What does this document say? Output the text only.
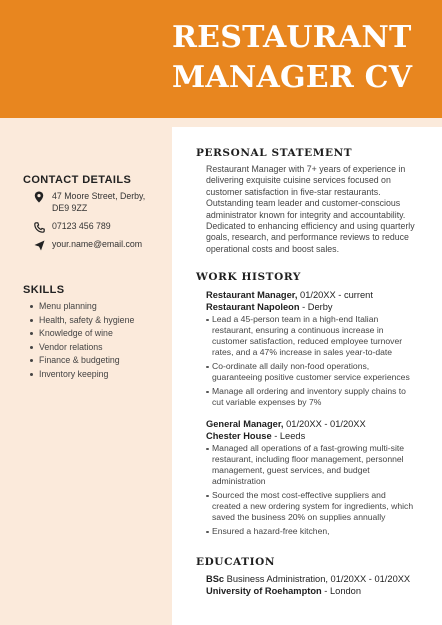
RESTAURANT MANAGER CV
CONTACT DETAILS
47 Moore Street, Derby, DE9 9ZZ
07123 456 789
your.name@email.com
SKILLS
Menu planning
Health, safety & hygiene
Knowledge of wine
Vendor relations
Finance & budgeting
Inventory keeping
PERSONAL STATEMENT
Restaurant Manager with 7+ years of experience in delivering exquisite cuisine services focused on customer satisfaction in five-star restaurants. Outstanding team leader and customer-conscious administrator known for integrity and accountability. Dedicated to enhancing efficiency and using quarterly goals, research, and performance reviews to reduce operational costs and boost sales.
WORK HISTORY
Restaurant Manager, 01/20XX - current
Restaurant Napoleon - Derby
Lead a 45-person team in a high-end Italian restaurant, ensuring a continuous increase in customer satisfaction, reduced employee turnover rates, and a 47% increase in sales year-to-date
Co-ordinate all daily non-food operations, guaranteeing positive customer service experiences
Manage all ordering and inventory supply chains to cut variable expenses by 7%
General Manager, 01/20XX - 01/20XX
Chester House - Leeds
Managed all operations of a fast-growing multi-site restaurant, including floor management, personnel management, guest services, and budget administration
Sourced the most cost-effective suppliers and created a new ordering system for ingredients, which saved the business 20% on supplies annually
Ensured a hazard-free kitchen,
EDUCATION
BSc Business Administration, 01/20XX - 01/20XX
University of Roehampton - London
